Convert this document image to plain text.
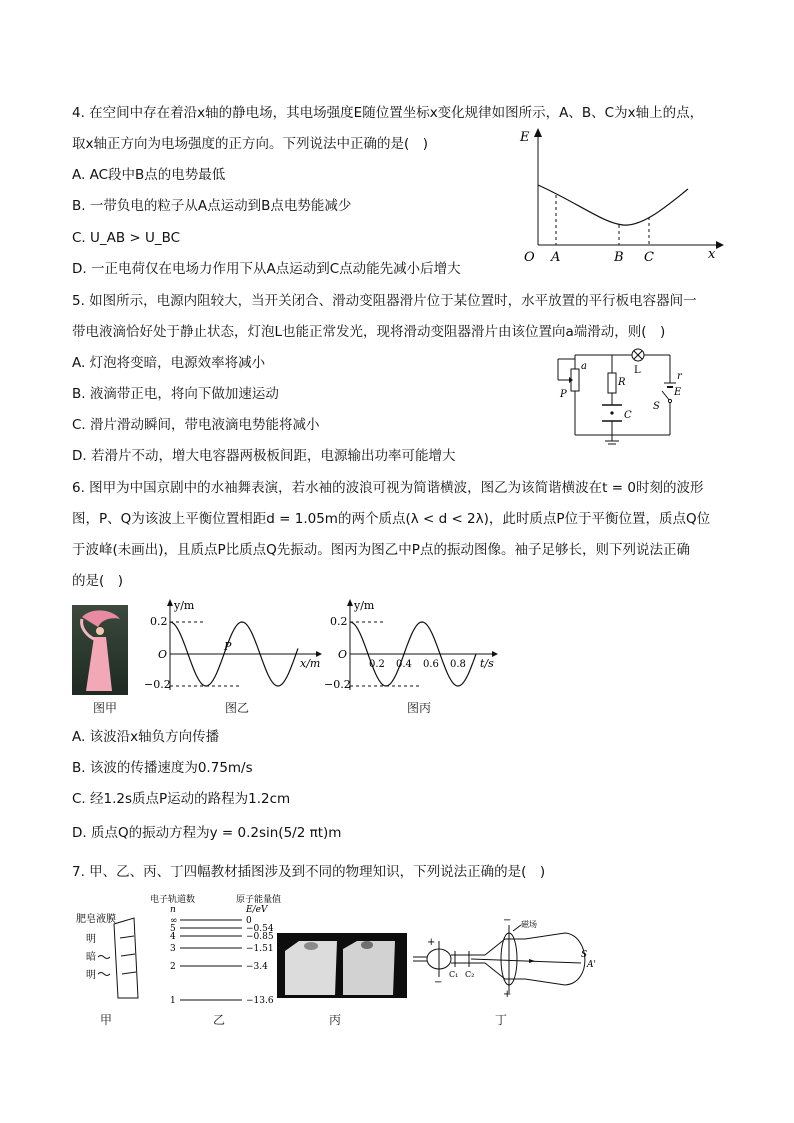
4. 在空间中存在着沿x轴的静电场，其电场强度E随位置坐标x变化规律如图所示，A、B、C为x轴上的点，
取x轴正方向为电场强度的正方向。下列说法中正确的是(　)
A. AC段中B点的电势最低
B. 一带负电的粒子从A点运动到B点电势能减少
C. U_AB > U_BC
D. 一正电荷仅在电场力作用下从A点运动到C点动能先减小后增大
E
x
O A	B C
5. 如图所示，电源内阻较大，当开关闭合、滑动变阻器滑片位于某位置时，水平放置的平行板电容器间一
带电液滴恰好处于静止状态，灯泡L也能正常发光，现将滑动变阻器滑片由该位置向a端滑动，则(　)
A. 灯泡将变暗，电源效率将减小
B. 液滴带正电，将向下做加速运动
C. 滑片滑动瞬间，带电液滴电势能将减小
D. 若滑片不动，增大电容器两极板间距，电源输出功率可能增大
a
P
R
C
L
r
E
S
6. 图甲为中国京剧中的水袖舞表演，若水袖的波浪可视为简谐横波，图乙为该简谐横波在t = 0时刻的波形
图，P、Q为该波上平衡位置相距d = 1.05m的两个质点(λ < d < 2λ)，此时质点P位于平衡位置，质点Q位
于波峰(未画出)，且质点P比质点Q先振动。图丙为图乙中P点的振动图像。袖子足够长，则下列说法正确
的是(　)
图甲
y/m
x/m
0.2
−0.2
O
P
图乙
y/m
t/s
0.2
−0.2
O
0.2 0.4 0.6 0.8
图丙
A. 该波沿x轴负方向传播
B. 该波的传播速度为0.75m/s
C. 经1.2s质点P运动的路程为1.2cm
D. 质点Q的振动方程为y = 0.2sin(5/2 πt)m
7. 甲、乙、丙、丁四幅教材插图涉及到不同的物理知识，下列说法正确的是(　)
肥皂液膜
明
暗
明
甲
电子轨道数	原子能量值
n	E/eV
∞	0
5	−0.54
4	−0.85
3	−1.51
2	−3.4
1	−13.6
乙	丙
+
−
C₁ C₂
−
+
磁场
S
A'
丁
